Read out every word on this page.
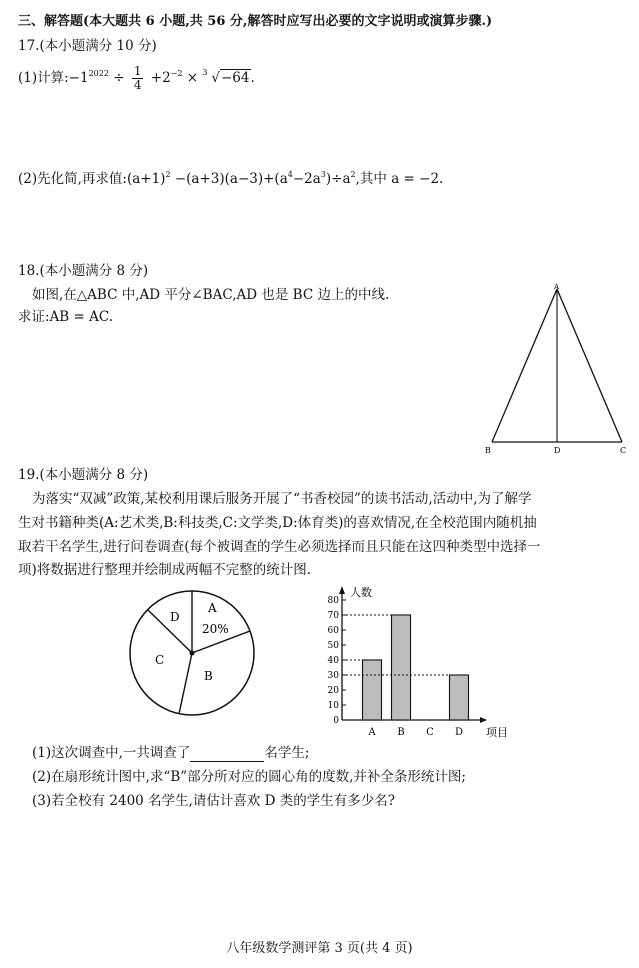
三、解答题(本大题共 6 小题,共 56 分,解答时应写出必要的文字说明或演算步骤.)
17.(本小题满分 10 分)
(1)计算$:-1^{2022} \div \frac{1}{4} +2^{-2} \times 3$ √−64.
(2)先化简,再求值$:(a+1)^2 -(a+3)(a-3)+(a^4-2a^3)\div a^2$,其中 a = −2.
18.(本小题满分 8 分)
如图,在△ABC 中,AD 平分∠BAC,AD 也是 BC 边上的中线.
求证:AB = AC.
A
B	D	C
19.(本小题满分 8 分)
为落实“双减”政策,某校利用课后服务开展了“书香校园”的读书活动,活动中,为了解学
生对书籍种类(A:艺术类,B:科技类,C:文学类,D:体育类)的喜欢情况,在全校范围内随机抽
取若干名学生,进行问卷调查(每个被调查的学生必须选择而且只能在这四种类型中选择一
项)将数据进行整理并绘制成两幅不完整的统计图.
A
20%
B
C
D
0
10
20
30
40
50
60
70
80
人数
项目
A B C D
(1)这次调查中,一共调查了	名学生;
(2)在扇形统计图中,求“B”部分所对应的圆心角的度数,并补全条形统计图;
(3)若全校有 2400 名学生,请估计喜欢 D 类的学生有多少名?
八年级数学测评第 3 页(共 4 页)
